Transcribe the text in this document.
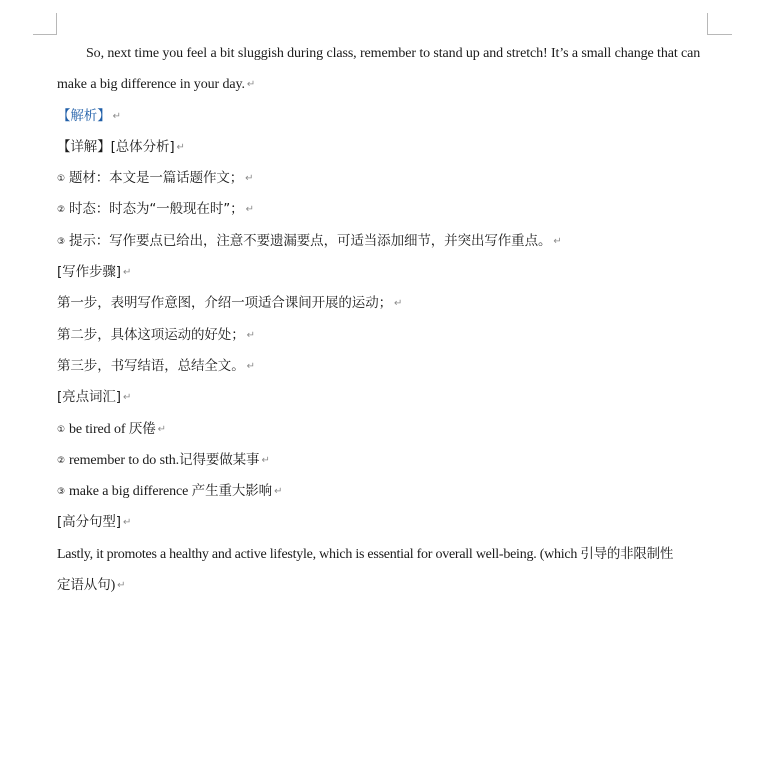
So, next time you feel a bit sluggish during class, remember to stand up and stretch! It’s a small change that can
make a big difference in your day. ↵
【解析】 ↵
【详解】[总体分析] ↵
① 题材：本文是一篇话题作文； ↵
② 时态：时态为“一般现在时”； ↵
③ 提示：写作要点已给出，注意不要遗漏要点，可适当添加细节，并突出写作重点。 ↵
[写作步骤] ↵
第一步，表明写作意图，介绍一项适合课间开展的运动； ↵
第二步，具体这项运动的好处； ↵
第三步，书写结语，总结全文。 ↵
[亮点词汇] ↵
① be tired of 厌倦 ↵
② remember to do sth.记得要做某事 ↵
③ make a big difference 产生重大影响 ↵
[高分句型] ↵
Lastly, it promotes a healthy and active lifestyle, which is essential for overall well-being. (which 引导的非限制性
定语从句) ↵
